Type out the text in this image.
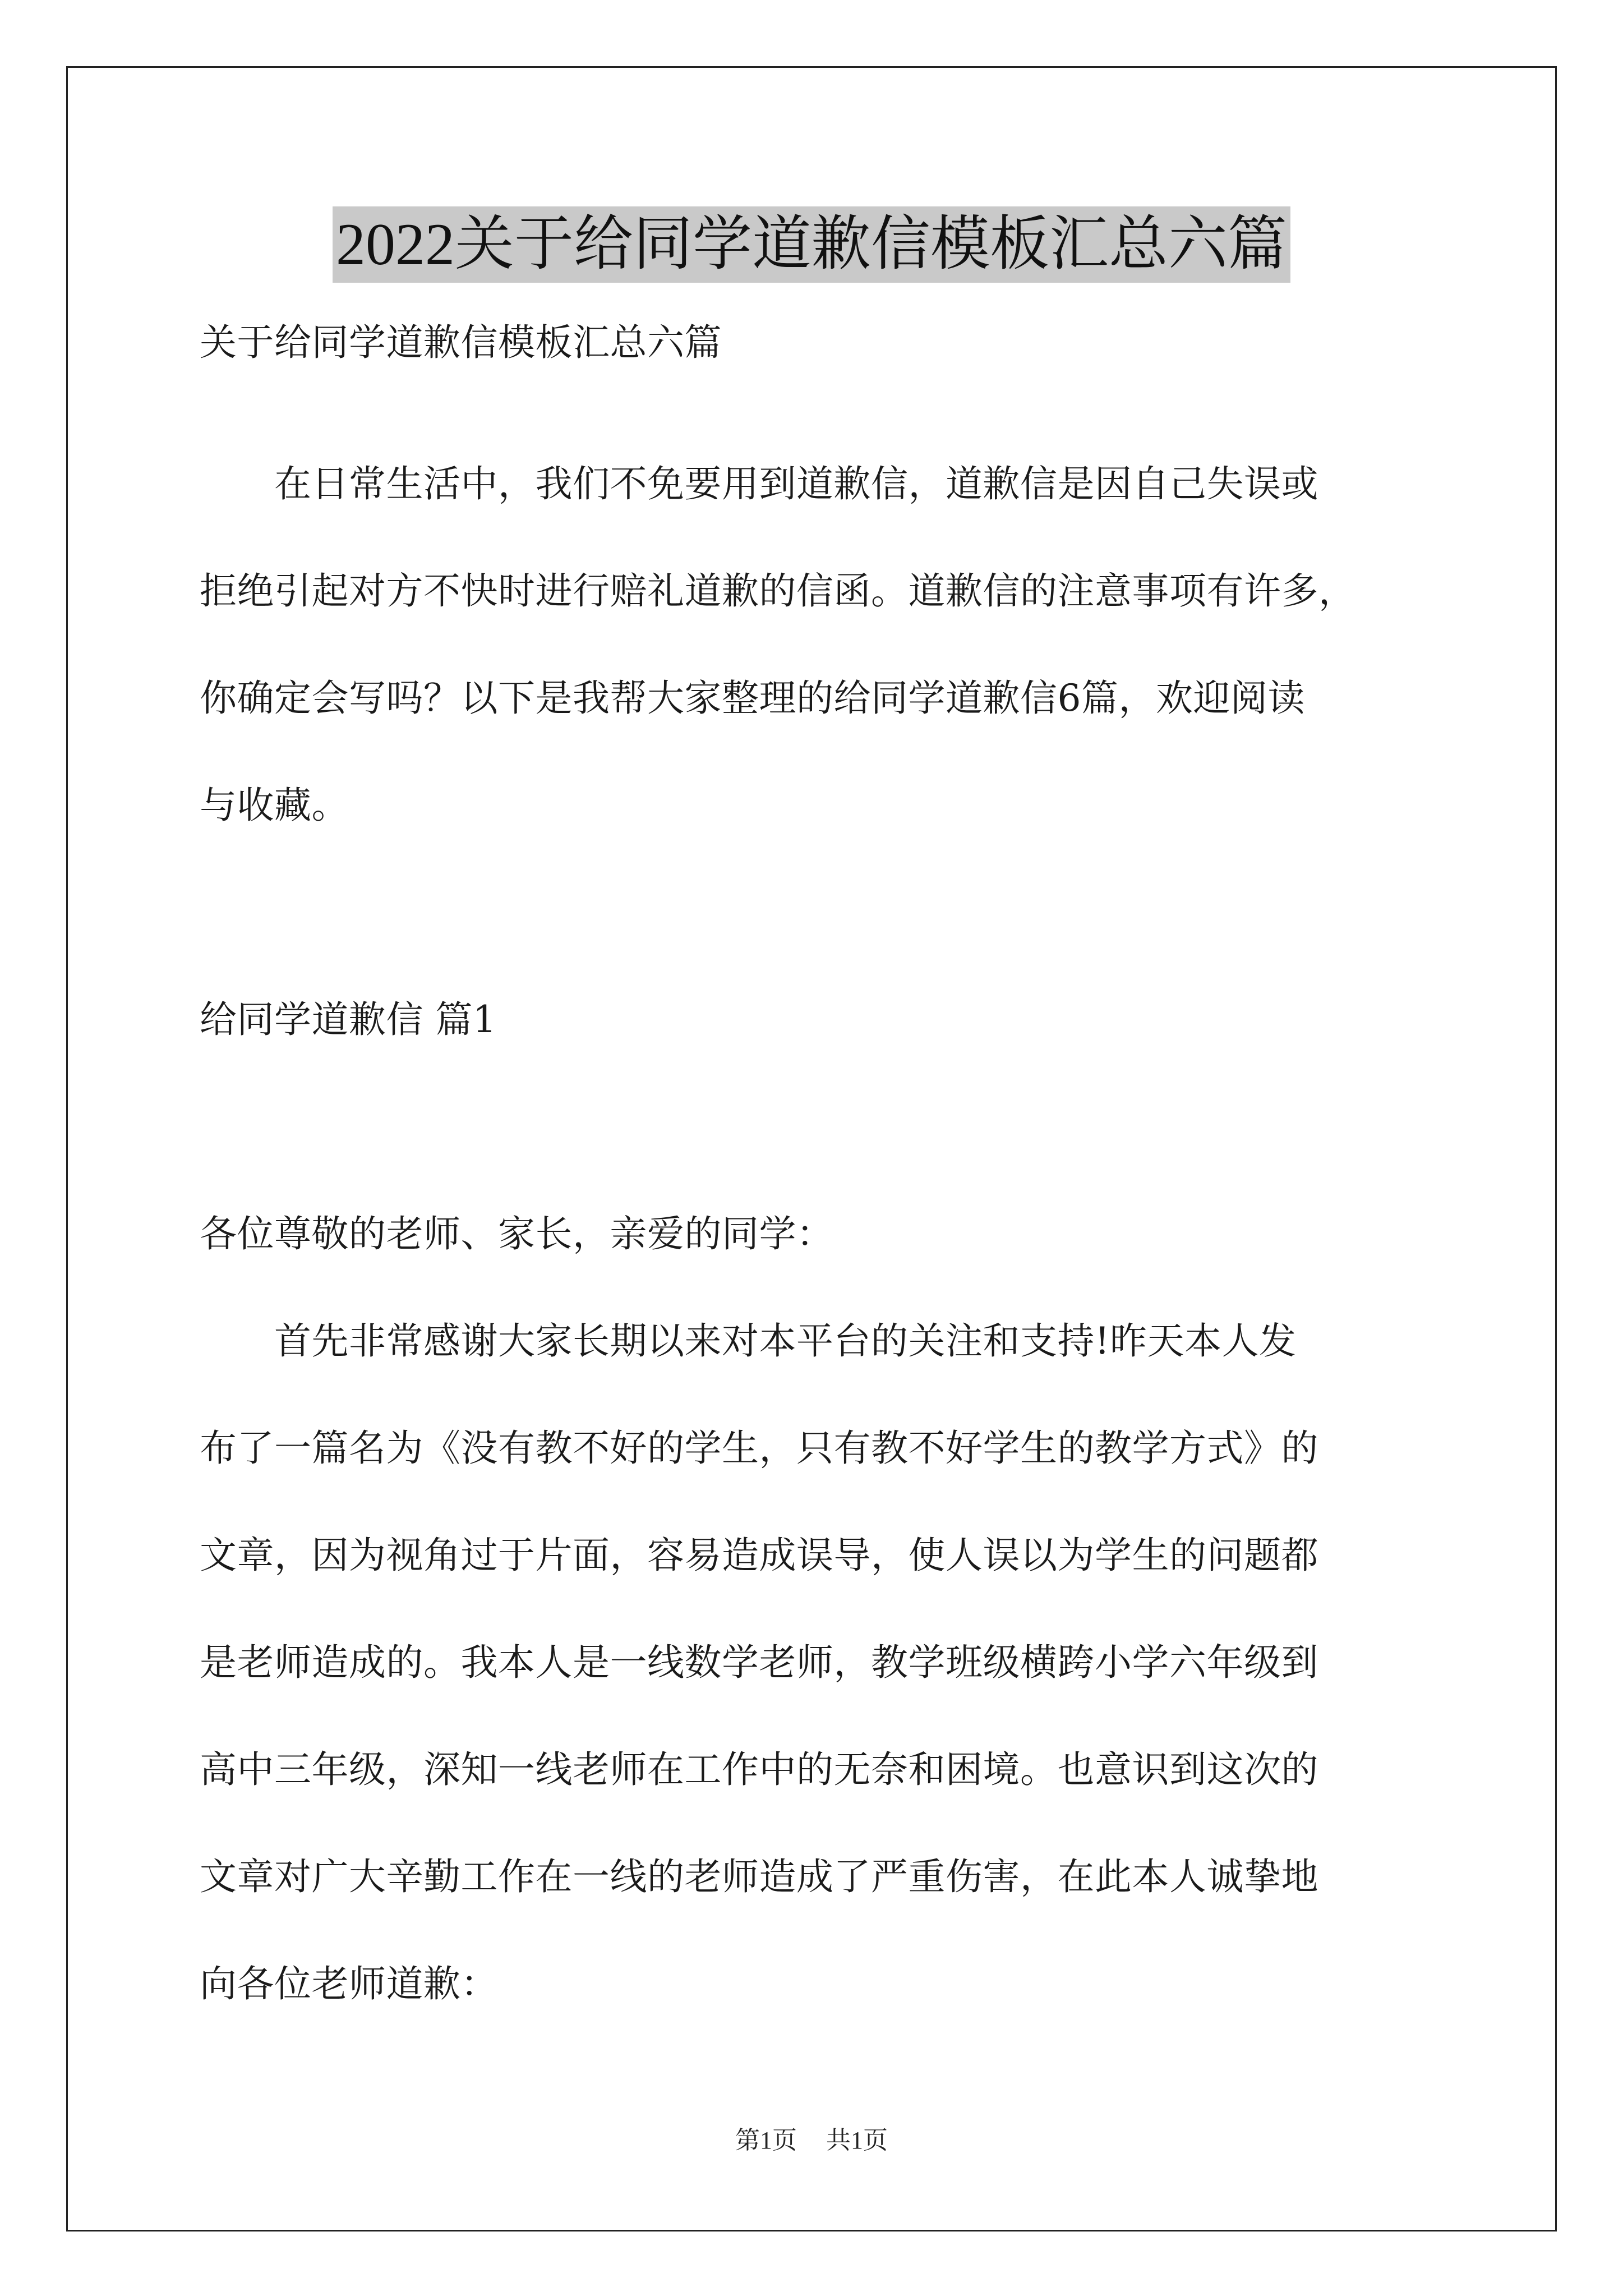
2022关于给同学道歉信模板汇总六篇
关于给同学道歉信模板汇总六篇
　　在日常生活中，我们不免要用到道歉信，道歉信是因自己失误或
拒绝引起对方不快时进行赔礼道歉的信函。道歉信的注意事项有许多，
你确定会写吗？以下是我帮大家整理的给同学道歉信6篇，欢迎阅读
与收藏。
给同学道歉信 篇1
各位尊敬的老师、家长，亲爱的同学：
　　首先非常感谢大家长期以来对本平台的关注和支持!昨天本人发
布了一篇名为《没有教不好的学生，只有教不好学生的教学方式》的
文章，因为视角过于片面，容易造成误导，使人误以为学生的问题都
是老师造成的。我本人是一线数学老师，教学班级横跨小学六年级到
高中三年级，深知一线老师在工作中的无奈和困境。也意识到这次的
文章对广大辛勤工作在一线的老师造成了严重伤害，在此本人诚挚地
向各位老师道歉：
第1页 共1页
